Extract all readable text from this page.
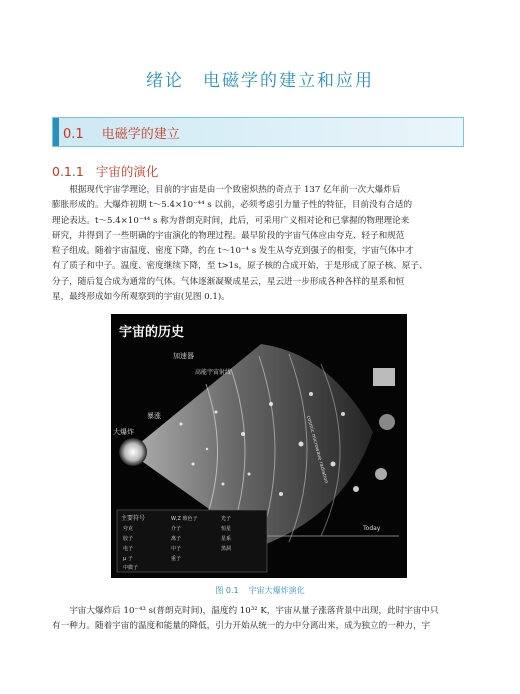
绪论　电磁学的建立和应用
0.1 电磁学的建立
0.1.1 宇宙的演化
　　根据现代宇宙学理论，目前的宇宙是由一个致密炽热的奇点于 137 亿年前一次大爆炸后
膨胀形成的。大爆炸初期 t～5.4×10⁻⁴⁴ s 以前，必须考虑引力量子性的特征，目前没有合适的
理论表达。t～5.4×10⁻⁴⁴ s 称为普朗克时间，此后，可采用广义相对论和已掌握的物理理论来
研究，并得到了一些明确的宇宙演化的物理过程。最早阶段的宇宙气体应由夸克、轻子和规范
粒子组成。随着宇宙温度、密度下降，约在 t～10⁻⁴ s 发生从夸克到强子的相变，宇宙气体中才
有了质子和中子。温度、密度继续下降，至 t>1s，原子核的合成开始，于是形成了原子核、原子、
分子，随后复合成为通常的气体。气体逐渐凝聚成星云，星云进一步形成各种各样的星系和恒
星，最终形成如今所观察到的宇宙(见图 0.1)。
主要符号
夸克
胶子
电子
μ 子
中微子
W,Z 玻色子
介子
离子
中子
重子
光子
恒星
星系
黑洞
宇宙的历史
加速器
高能宇宙射线
暴涨
大爆炸	cosmic microwave radiation
Today
图 0.1 宇宙大爆炸演化
　　宇宙大爆炸后 10⁻⁴³ s(普朗克时间)，温度约 10³² K，宇宙从量子涨落背景中出现，此时宇宙中只
有一种力。随着宇宙的温度和能量的降低，引力开始从统一的力中分离出来，成为独立的一种力，宇
